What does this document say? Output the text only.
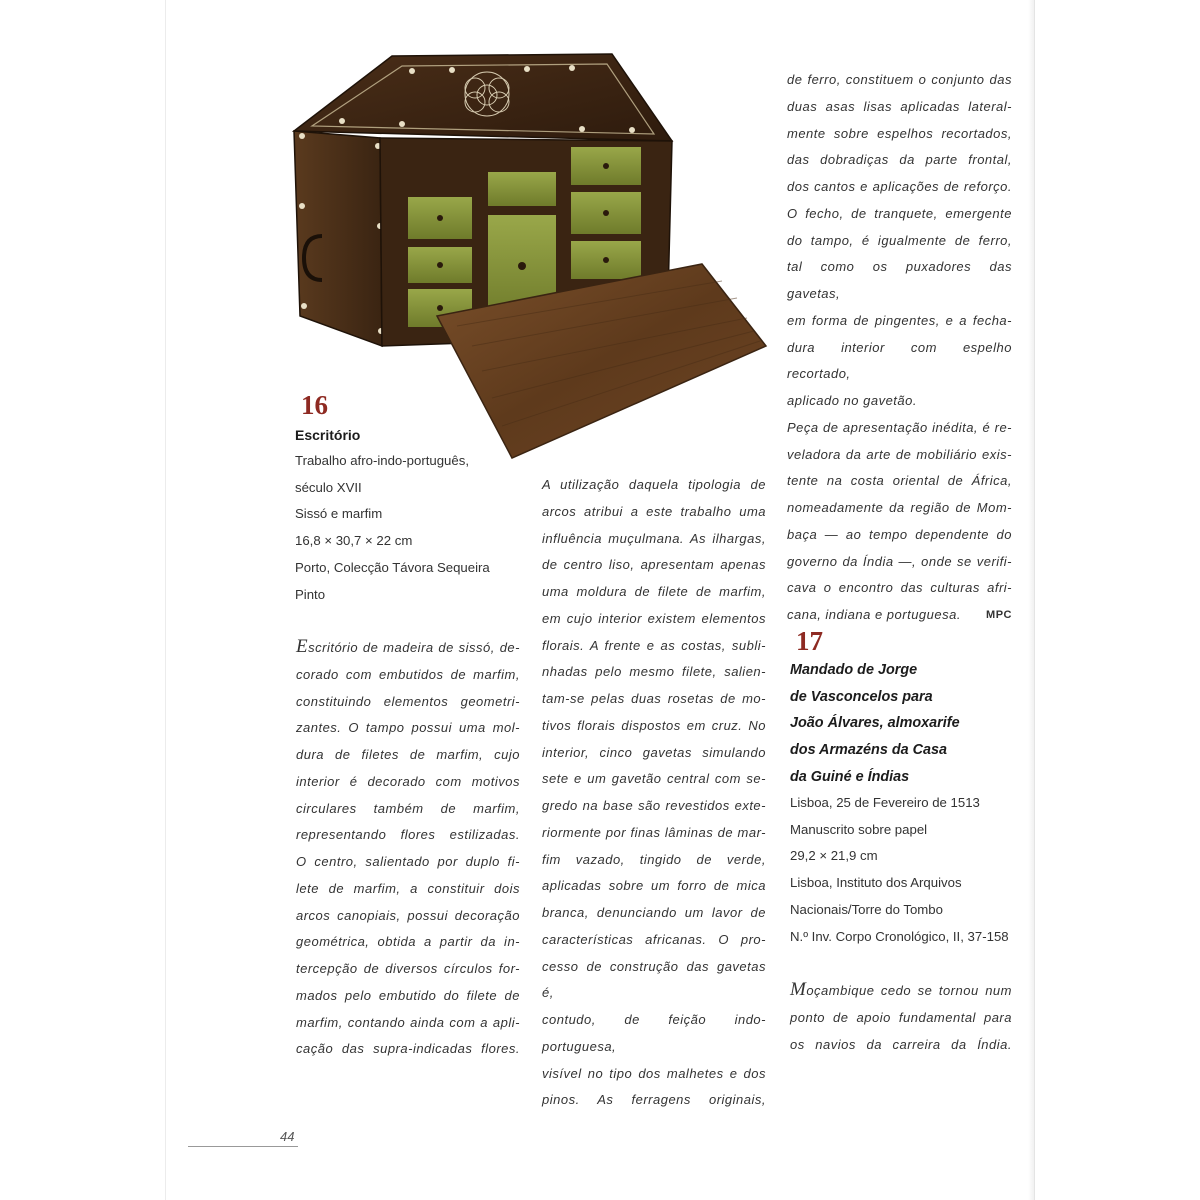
16
Escritório
Trabalho afro-indo-português,
século XVII
Sissó e marfim
16,8 × 30,7 × 22 cm
Porto, Colecção Távora Sequeira
Pinto
Escritório de madeira de sissó, de-
corado com embutidos de marfim,
constituindo elementos geometri-
zantes. O tampo possui uma mol-
dura de filetes de marfim, cujo
interior é decorado com motivos
circulares também de marfim,
representando flores estilizadas.
O centro, salientado por duplo fi-
lete de marfim, a constituir dois
arcos canopiais, possui decoração
geométrica, obtida a partir da in-
tercepção de diversos círculos for-
mados pelo embutido do filete de
marfim, contando ainda com a apli-
cação das supra-indicadas flores.
A utilização daquela tipologia de
arcos atribui a este trabalho uma
influência muçulmana. As ilhargas,
de centro liso, apresentam apenas
uma moldura de filete de marfim,
em cujo interior existem elementos
florais. A frente e as costas, subli-
nhadas pelo mesmo filete, salien-
tam-se pelas duas rosetas de mo-
tivos florais dispostos em cruz. No
interior, cinco gavetas simulando
sete e um gavetão central com se-
gredo na base são revestidos exte-
riormente por finas lâminas de mar-
fim vazado, tingido de verde,
aplicadas sobre um forro de mica
branca, denunciando um lavor de
características africanas. O pro-
cesso de construção das gavetas é,
contudo, de feição indo-portuguesa,
visível no tipo dos malhetes e dos
pinos. As ferragens originais,
de ferro, constituem o conjunto das
duas asas lisas aplicadas lateral-
mente sobre espelhos recortados,
das dobradiças da parte frontal,
dos cantos e aplicações de reforço.
O fecho, de tranquete, emergente
do tampo, é igualmente de ferro,
tal como os puxadores das gavetas,
em forma de pingentes, e a fecha-
dura interior com espelho recortado,
aplicado no gavetão.
Peça de apresentação inédita, é re-
veladora da arte de mobiliário exis-
tente na costa oriental de África,
nomeadamente da região de Mom-
baça — ao tempo dependente do
governo da Índia —, onde se verifi-
cava o encontro das culturas afri-
cana, indiana e portuguesa. MPC
17
Mandado de Jorge
de Vasconcelos para
João Álvares, almoxarife
dos Armazéns da Casa
da Guiné e Índias
Lisboa, 25 de Fevereiro de 1513
Manuscrito sobre papel
29,2 × 21,9 cm
Lisboa, Instituto dos Arquivos
Nacionais/Torre do Tombo
N.º Inv. Corpo Cronológico, II, 37-158
Moçambique cedo se tornou num
ponto de apoio fundamental para
os navios da carreira da Índia.
44
